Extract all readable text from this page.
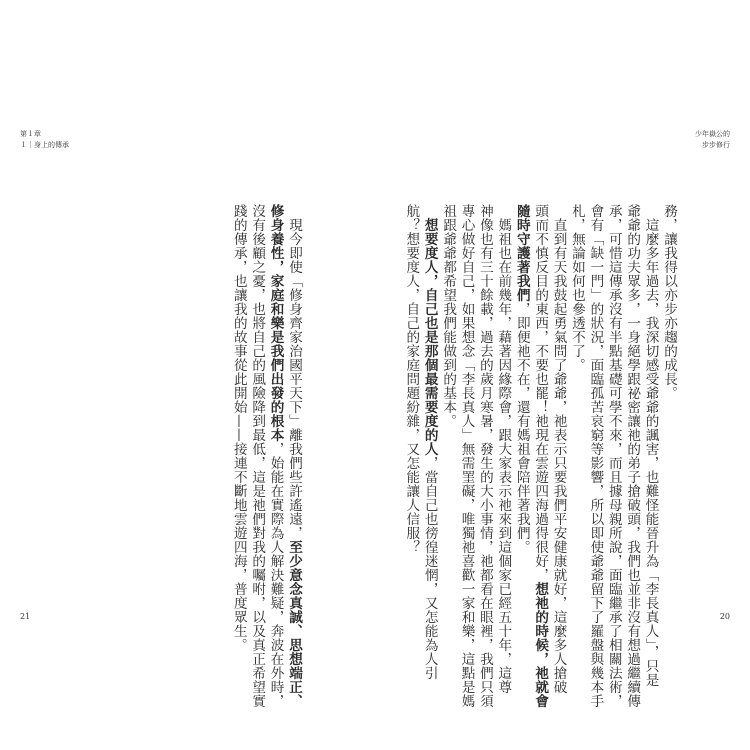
第１章
１｜身上的傳承
　現今即使「修身齊家治國平天下」離我們些許遙遠，至少意念真誠、思想端正、
修身養性，家庭和樂是我們出發的根本，始能在實際為人解決難疑，奔波在外時，
沒有後顧之憂，也將自己的風險降到最低，這是祂們對我的囑咐，以及真正希望實
踐的傳承，也讓我的故事從此開始——接連不斷地雲遊四海，普度眾生。
21
少年嶽公的
步步修行
務，讓我得以亦步亦趨的成長。
　這麼多年過去，我深切感受爺爺的諷害，也難怪能晉升為「李長真人」，只是
爺爺的功夫眾多，一身絕學跟祕密讓祂的弟子搶破頭，我們也並非沒有想過繼續傳
承，可惜這傳承沒有半點基礎可學不來，而且據母親所說，面臨繼承了相關法術，
會有「缺一門」的狀況，面臨孤苦哀窮等影響，所以即使爺爺留下了羅盤與幾本手
札，無論如何也參透不了。
　直到有天我鼓起勇氣問了爺爺，祂表示只要我們平安健康就好，這麼多人搶破
頭而不慎反目的東西，不要也罷！祂現在雲遊四海過得很好，想祂的時候，祂就會
隨時守護著我們，即便祂不在，還有媽祖會陪伴著我們。
　媽祖也在前幾年，藉著因緣際會，跟大家表示祂來到這個家已經五十年，這尊
神像也有三十餘載，過去的歲月寒暑，發生的大小事情，祂都看在眼裡，我們只須
專心做好自己，如果想念「李長真人」無需罣礙，唯獨祂喜歡一家和樂，這點是媽
祖跟爺爺都希望我們能做到的基本。
　想要度人，自己也是那個最需要度的人，當自己也徬徨迷惘，又怎能為人引
航？想要度人，自己的家庭問題紛雜，又怎能讓人信服？
20
